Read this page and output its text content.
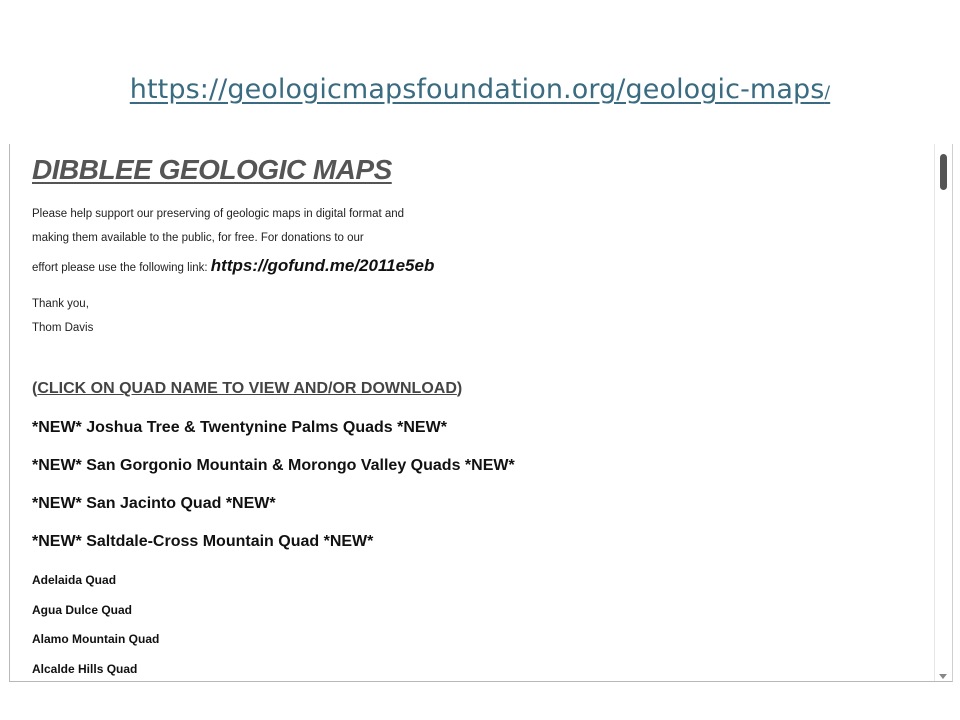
https://geologicmapsfoundation.org/geologic-maps/
DIBBLEE GEOLOGIC MAPS
Please help support our preserving of geologic maps in digital format and
making them available to the public, for free. For donations to our
effort please use the following link: https://gofund.me/2011e5eb
Thank you,
Thom Davis
(CLICK ON QUAD NAME TO VIEW AND/OR DOWNLOAD)
*NEW* Joshua Tree & Twentynine Palms Quads *NEW*
*NEW* San Gorgonio Mountain & Morongo Valley Quads *NEW*
*NEW* San Jacinto Quad *NEW*
*NEW* Saltdale-Cross Mountain Quad *NEW*
Adelaida Quad
Agua Dulce Quad
Alamo Mountain Quad
Alcalde Hills Quad
